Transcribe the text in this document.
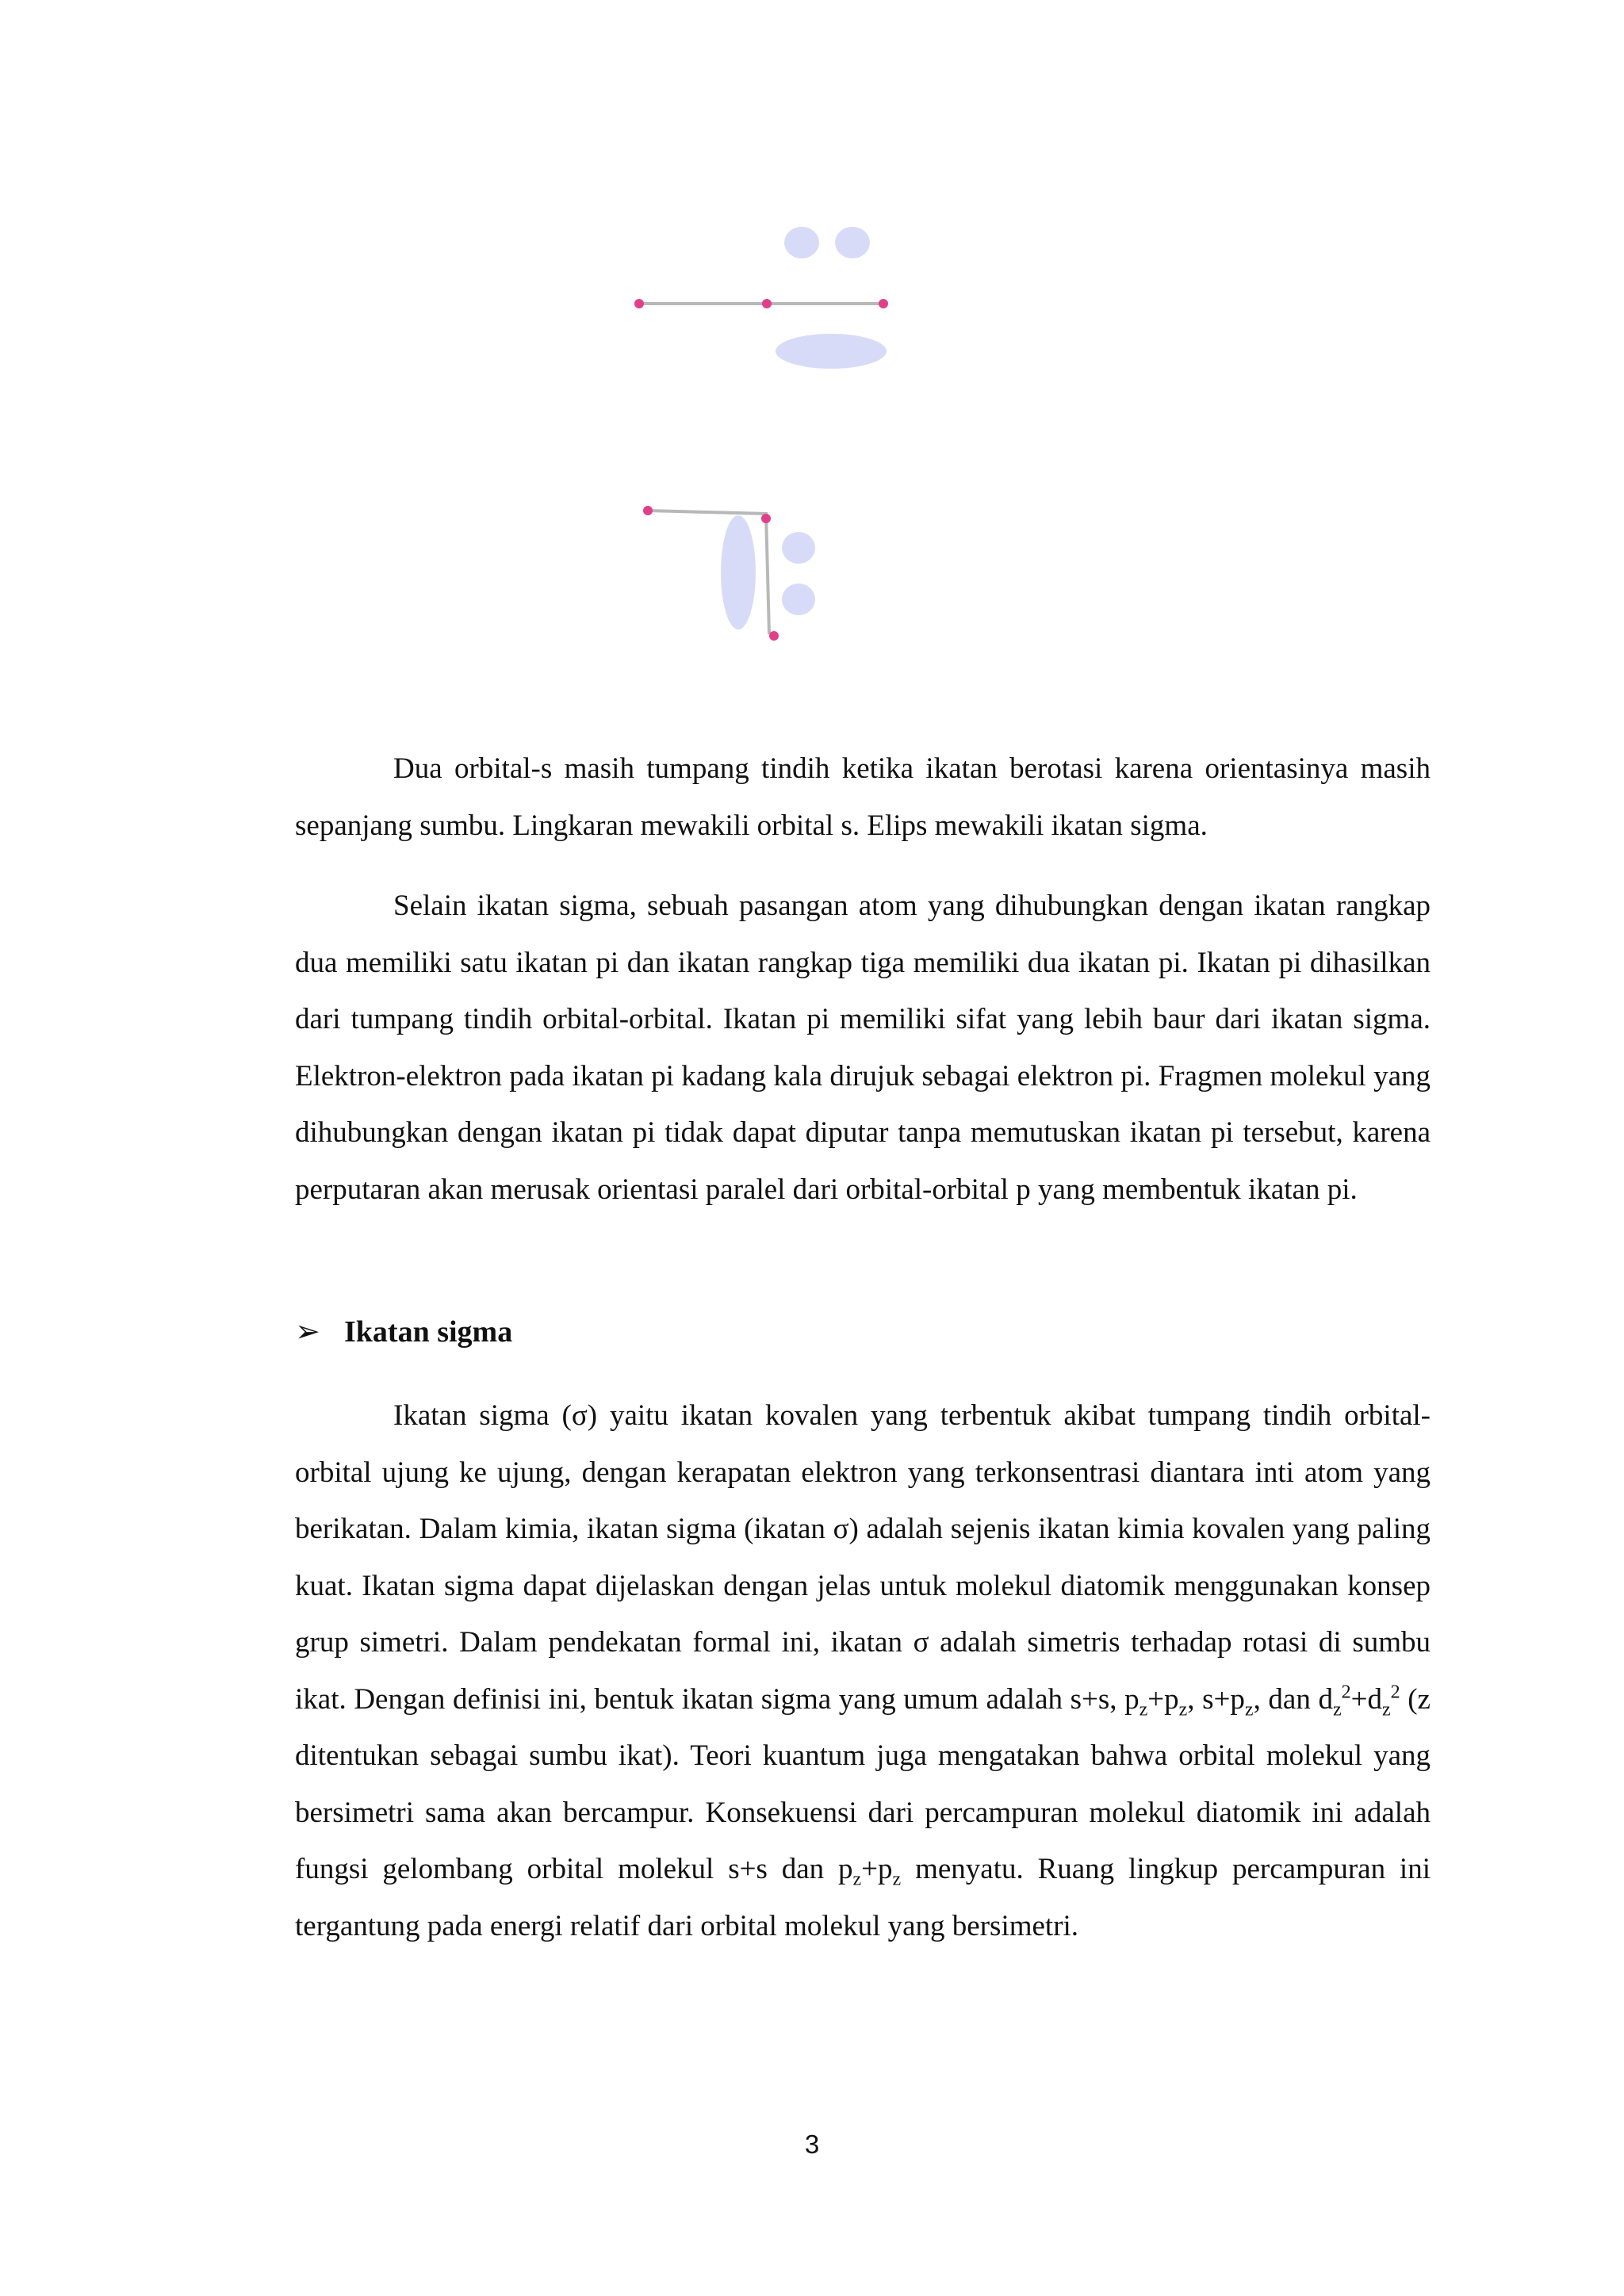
Dua orbital-s masih tumpang tindih ketika ikatan berotasi karena orientasinya masih sepanjang sumbu. Lingkaran mewakili orbital s. Elips mewakili ikatan sigma.

Selain ikatan sigma, sebuah pasangan atom yang dihubungkan dengan ikatan rangkap dua memiliki satu ikatan pi dan ikatan rangkap tiga memiliki dua ikatan pi. Ikatan pi dihasilkan dari tumpang tindih orbital-orbital. Ikatan pi memiliki sifat yang lebih baur dari ikatan sigma. Elektron-elektron pada ikatan pi kadang kala dirujuk sebagai elektron pi. Fragmen molekul yang dihubungkan dengan ikatan pi tidak dapat diputar tanpa memutuskan ikatan pi tersebut, karena perputaran akan merusak orientasi paralel dari orbital-orbital p yang membentuk ikatan pi.

➢ Ikatan sigma

Ikatan sigma (σ) yaitu ikatan kovalen yang terbentuk akibat tumpang tindih orbital-orbital ujung ke ujung, dengan kerapatan elektron yang terkonsentrasi diantara inti atom yang berikatan. Dalam kimia, ikatan sigma (ikatan σ) adalah sejenis ikatan kimia kovalen yang paling kuat. Ikatan sigma dapat dijelaskan dengan jelas untuk molekul diatomik menggunakan konsep grup simetri. Dalam pendekatan formal ini, ikatan σ adalah simetris terhadap rotasi di sumbu ikat. Dengan definisi ini, bentuk ikatan sigma yang umum adalah s+s, $p_z+p_z$, $s+p_z$, dan $d_z^2+d_z^2$ (z ditentukan sebagai sumbu ikat). Teori kuantum juga mengatakan bahwa orbital molekul yang bersimetri sama akan bercampur. Konsekuensi dari percampuran molekul diatomik ini adalah fungsi gelombang orbital molekul s+s dan $p_z+p_z$ menyatu. Ruang lingkup percampuran ini tergantung pada energi relatif dari orbital molekul yang bersimetri.

3
